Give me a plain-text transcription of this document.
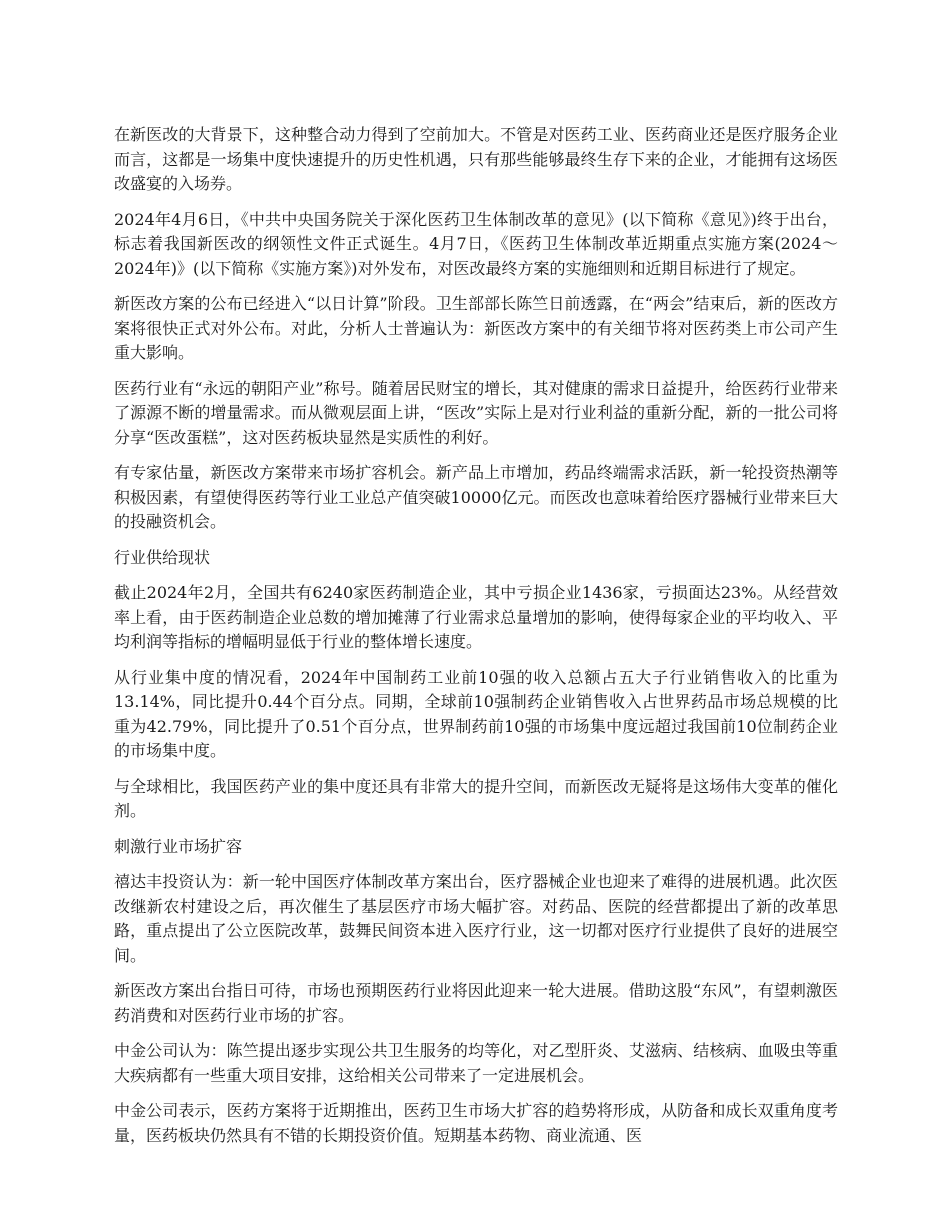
在新医改的大背景下，这种整合动力得到了空前加大。不管是对医药工业、医药商业还是医疗服务企业而言，这都是一场集中度快速提升的历史性机遇，只有那些能够最终生存下来的企业，才能拥有这场医改盛宴的入场券。

2024年4月6日，《中共中央国务院关于深化医药卫生体制改革的意见》(以下简称《意见》)终于出台，标志着我国新医改的纲领性文件正式诞生。4月7日，《医药卫生体制改革近期重点实施方案(2024～2024年)》(以下简称《实施方案》)对外发布，对医改最终方案的实施细则和近期目标进行了规定。

新医改方案的公布已经进入“以日计算”阶段。卫生部部长陈竺日前透露，在“两会”结束后，新的医改方案将很快正式对外公布。对此，分析人士普遍认为：新医改方案中的有关细节将对医药类上市公司产生重大影响。

医药行业有“永远的朝阳产业”称号。随着居民财宝的增长，其对健康的需求日益提升，给医药行业带来了源源不断的增量需求。而从微观层面上讲，“医改”实际上是对行业利益的重新分配，新的一批公司将分享“医改蛋糕”，这对医药板块显然是实质性的利好。

有专家估量，新医改方案带来市场扩容机会。新产品上市增加，药品终端需求活跃，新一轮投资热潮等积极因素，有望使得医药等行业工业总产值突破10000亿元。而医改也意味着给医疗器械行业带来巨大的投融资机会。

行业供给现状

截止2024年2月，全国共有6240家医药制造企业，其中亏损企业1436家，亏损面达23%。从经营效率上看，由于医药制造企业总数的增加摊薄了行业需求总量增加的影响，使得每家企业的平均收入、平均利润等指标的增幅明显低于行业的整体增长速度。

从行业集中度的情况看，2024年中国制药工业前10强的收入总额占五大子行业销售收入的比重为13.14%，同比提升0.44个百分点。同期，全球前10强制药企业销售收入占世界药品市场总规模的比重为42.79%，同比提升了0.51个百分点，世界制药前10强的市场集中度远超过我国前10位制药企业的市场集中度。

与全球相比，我国医药产业的集中度还具有非常大的提升空间，而新医改无疑将是这场伟大变革的催化剂。

刺激行业市场扩容

禧达丰投资认为：新一轮中国医疗体制改革方案出台，医疗器械企业也迎来了难得的进展机遇。此次医改继新农村建设之后，再次催生了基层医疗市场大幅扩容。对药品、医院的经营都提出了新的改革思路，重点提出了公立医院改革，鼓舞民间资本进入医疗行业，这一切都对医疗行业提供了良好的进展空间。

新医改方案出台指日可待，市场也预期医药行业将因此迎来一轮大进展。借助这股“东风”，有望刺激医药消费和对医药行业市场的扩容。

中金公司认为：陈竺提出逐步实现公共卫生服务的均等化，对乙型肝炎、艾滋病、结核病、血吸虫等重大疾病都有一些重大项目安排，这给相关公司带来了一定进展机会。

中金公司表示，医药方案将于近期推出，医药卫生市场大扩容的趋势将形成，从防备和成长双重角度考量，医药板块仍然具有不错的长期投资价值。短期基本药物、商业流通、医
